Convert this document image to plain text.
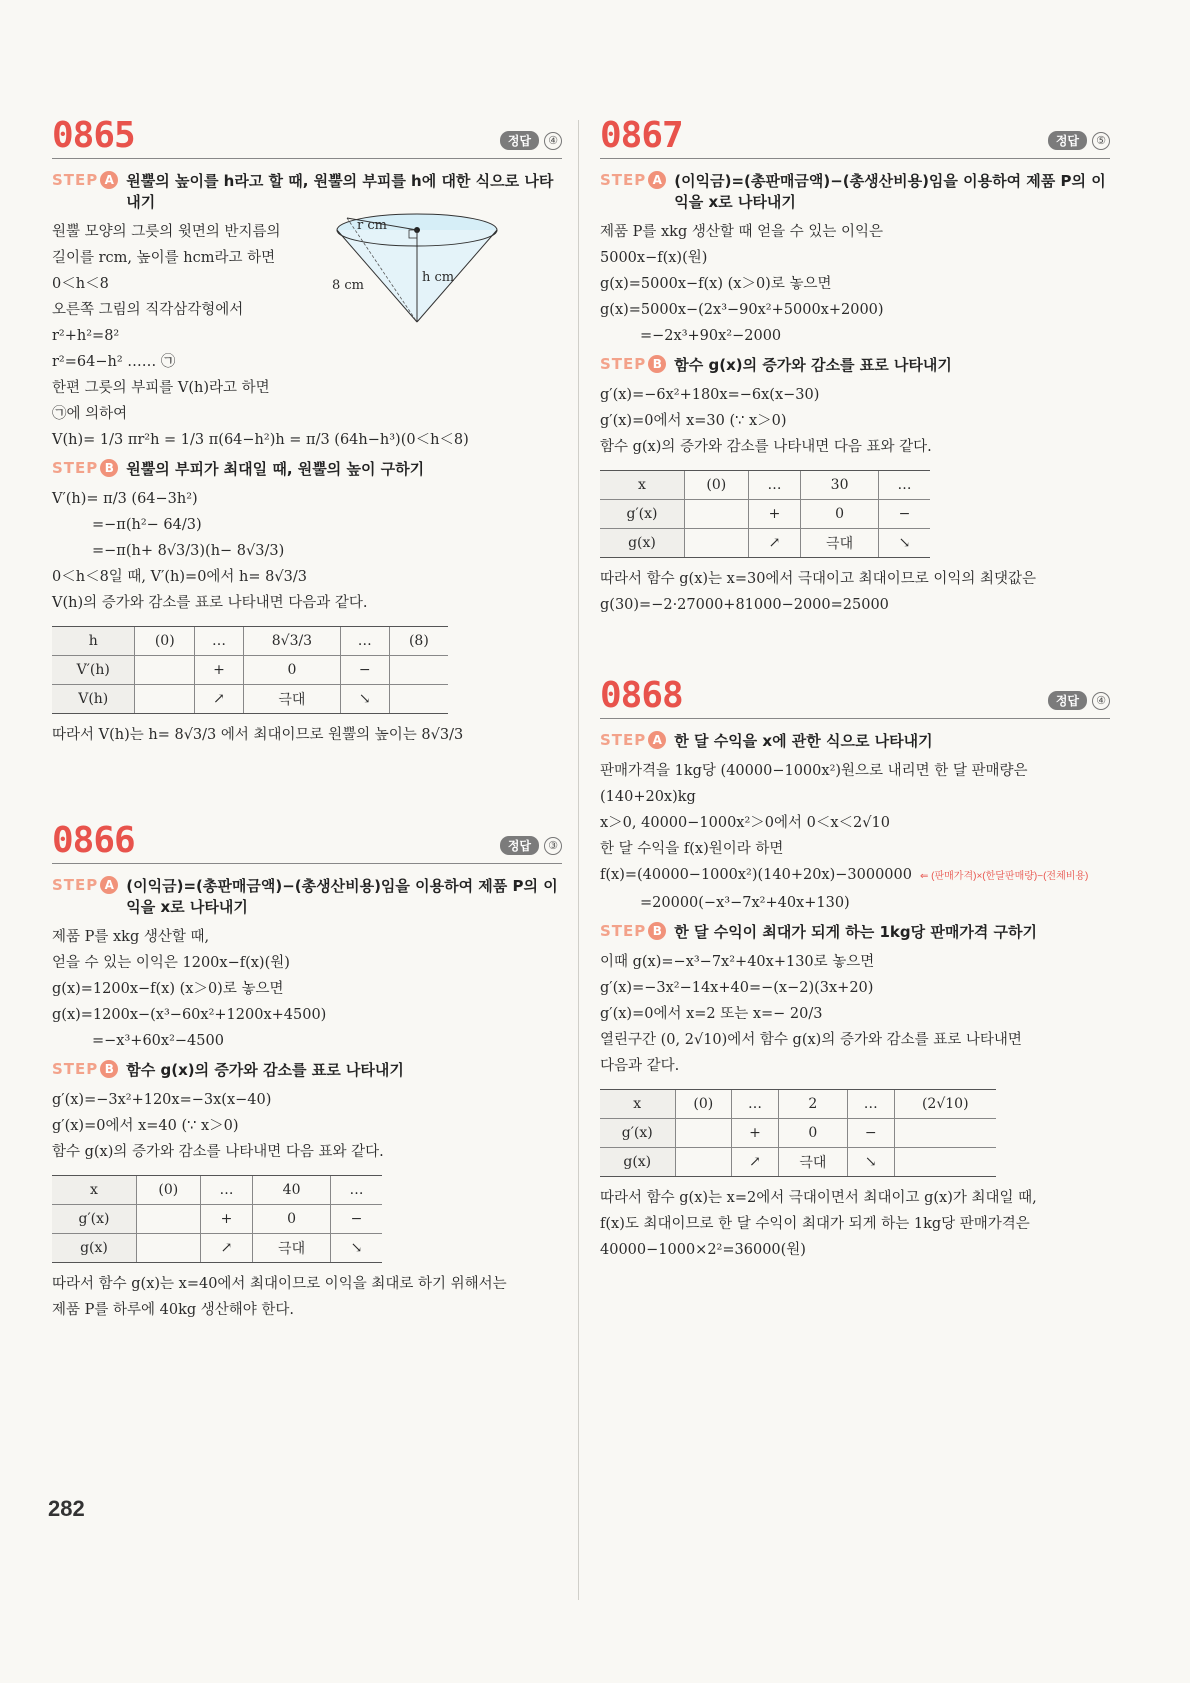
0865	정답	④
STEP A 원뿔의 높이를 h라고 할 때, 원뿔의 부피를 h에 대한 식으로 나타내기
원뿔 모양의 그릇의 윗면의 반지름의
길이를 rcm, 높이를 hcm라고 하면
0＜h＜8
오른쪽 그림의 직각삼각형에서
r²+h²=8²
r²=64−h² …… ㉠
한편 그릇의 부피를 V(h)라고 하면
㉠에 의하여
V(h)= 1/3 πr²h = 1/3 π(64−h²)h = π/3 (64h−h³)(0＜h＜8)
r cm
8 cm
h cm
STEP B 원뿔의 부피가 최대일 때, 원뿔의 높이 구하기
V′(h)= π/3 (64−3h²)
=−π(h²− 64/3)
=−π(h+ 8√3/3)(h− 8√3/3)
0＜h＜8일 때, V′(h)=0에서 h= 8√3/3
V(h)의 증가와 감소를 표로 나타내면 다음과 같다.
h	(0)	…	8√3/3	…	(8)
V′(h)		+	0	−	
V(h)		↗	극대	↘	
따라서 V(h)는 h= 8√3/3 에서 최대이므로 원뿔의 높이는 8√3/3
0866	정답	③
STEP A (이익금)=(총판매금액)−(총생산비용)임을 이용하여 제품 P의 이익을 x로 나타내기
제품 P를 xkg 생산할 때,
얻을 수 있는 이익은 1200x−f(x)(원)
g(x)=1200x−f(x) (x＞0)로 놓으면
g(x)=1200x−(x³−60x²+1200x+4500)
=−x³+60x²−4500
STEP B 함수 g(x)의 증가와 감소를 표로 나타내기
g′(x)=−3x²+120x=−3x(x−40)
g′(x)=0에서 x=40 (∵ x＞0)
함수 g(x)의 증가와 감소를 나타내면 다음 표와 같다.
x	(0)	…	40	…
g′(x)		+	0	−
g(x)		↗	극대	↘
따라서 함수 g(x)는 x=40에서 최대이므로 이익을 최대로 하기 위해서는
제품 P를 하루에 40kg 생산해야 한다.
0867	정답	⑤
STEP A (이익금)=(총판매금액)−(총생산비용)임을 이용하여 제품 P의 이익을 x로 나타내기
제품 P를 xkg 생산할 때 얻을 수 있는 이익은
5000x−f(x)(원)
g(x)=5000x−f(x) (x＞0)로 놓으면
g(x)=5000x−(2x³−90x²+5000x+2000)
=−2x³+90x²−2000
STEP B 함수 g(x)의 증가와 감소를 표로 나타내기
g′(x)=−6x²+180x=−6x(x−30)
g′(x)=0에서 x=30 (∵ x＞0)
함수 g(x)의 증가와 감소를 나타내면 다음 표와 같다.
x	(0)	…	30	…
g′(x)		+	0	−
g(x)		↗	극대	↘
따라서 함수 g(x)는 x=30에서 극대이고 최대이므로 이익의 최댓값은
g(30)=−2·27000+81000−2000=25000
0868	정답	④
STEP A 한 달 수익을 x에 관한 식으로 나타내기
판매가격을 1kg당 (40000−1000x²)원으로 내리면 한 달 판매량은
(140+20x)kg
x＞0, 40000−1000x²＞0에서 0＜x＜2√10
한 달 수익을 f(x)원이라 하면
f(x)=(40000−1000x²)(140+20x)−3000000 ⇐ (판매가격)×(한달판매량)−(전체비용)
=20000(−x³−7x²+40x+130)
STEP B 한 달 수익이 최대가 되게 하는 1kg당 판매가격 구하기
이때 g(x)=−x³−7x²+40x+130로 놓으면
g′(x)=−3x²−14x+40=−(x−2)(3x+20)
g′(x)=0에서 x=2 또는 x=− 20/3
열린구간 (0, 2√10)에서 함수 g(x)의 증가와 감소를 표로 나타내면
다음과 같다.
x	(0)	…	2	…	(2√10)
g′(x)		+	0	−	
g(x)		↗	극대	↘	
따라서 함수 g(x)는 x=2에서 극대이면서 최대이고 g(x)가 최대일 때,
f(x)도 최대이므로 한 달 수익이 최대가 되게 하는 1kg당 판매가격은
40000−1000×2²=36000(원)
282
